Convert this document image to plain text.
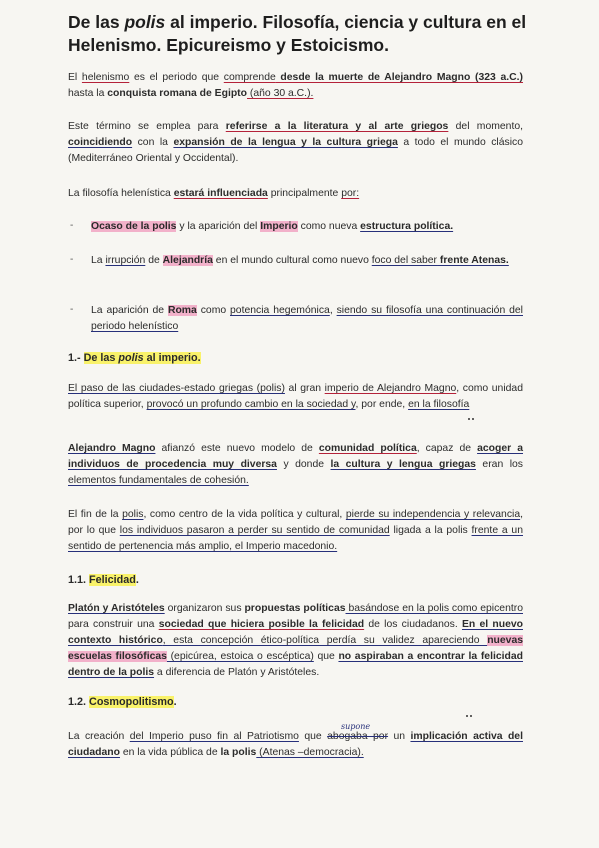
De las polis al imperio. Filosofía, ciencia y cultura en el Helenismo. Epicureismo y Estoicismo.
El helenismo es el periodo que comprende desde la muerte de Alejandro Magno (323 a.C.) hasta la conquista romana de Egipto (año 30 a.C.).
Este término se emplea para referirse a la literatura y al arte griegos del momento, coincidiendo con la expansión de la lengua y la cultura griega a todo el mundo clásico (Mediterráneo Oriental y Occidental).
La filosofía helenística estará influenciada principalmente por:
- Ocaso de la polis y la aparición del Imperio como nueva estructura política.
- La irrupción de Alejandría en el mundo cultural como nuevo foco del saber frente Atenas.
- La aparición de Roma como potencia hegemónica, siendo su filosofía una continuación del periodo helenístico
1.- De las polis al imperio.
El paso de las ciudades-estado griegas (polis) al gran imperio de Alejandro Magno, como unidad política superior, provocó un profundo cambio en la sociedad y, por ende, en la filosofía
Alejandro Magno afianzó este nuevo modelo de comunidad política, capaz de acoger a individuos de procedencia muy diversa y donde la cultura y lengua griegas eran los elementos fundamentales de cohesión.
El fin de la polis, como centro de la vida política y cultural, pierde su independencia y relevancia, por lo que los individuos pasaron a perder su sentido de comunidad ligada a la polis frente a un sentido de pertenencia más amplio, el Imperio macedonio.
1.1. Felicidad.
Platón y Aristóteles organizaron sus propuestas políticas basándose en la polis como epicentro para construir una sociedad que hiciera posible la felicidad de los ciudadanos. En el nuevo contexto histórico, esta concepción ético-política perdía su validez apareciendo nuevas escuelas filosóficas (epicúrea, estoica o escéptica) que no aspiraban a encontrar la felicidad dentro de la polis a diferencia de Platón y Aristóteles.
1.2. Cosmopolitismo.
supone
La creación del Imperio puso fin al Patriotismo que abogaba por un implicación activa del ciudadano en la vida pública de la polis (Atenas –democracia).
